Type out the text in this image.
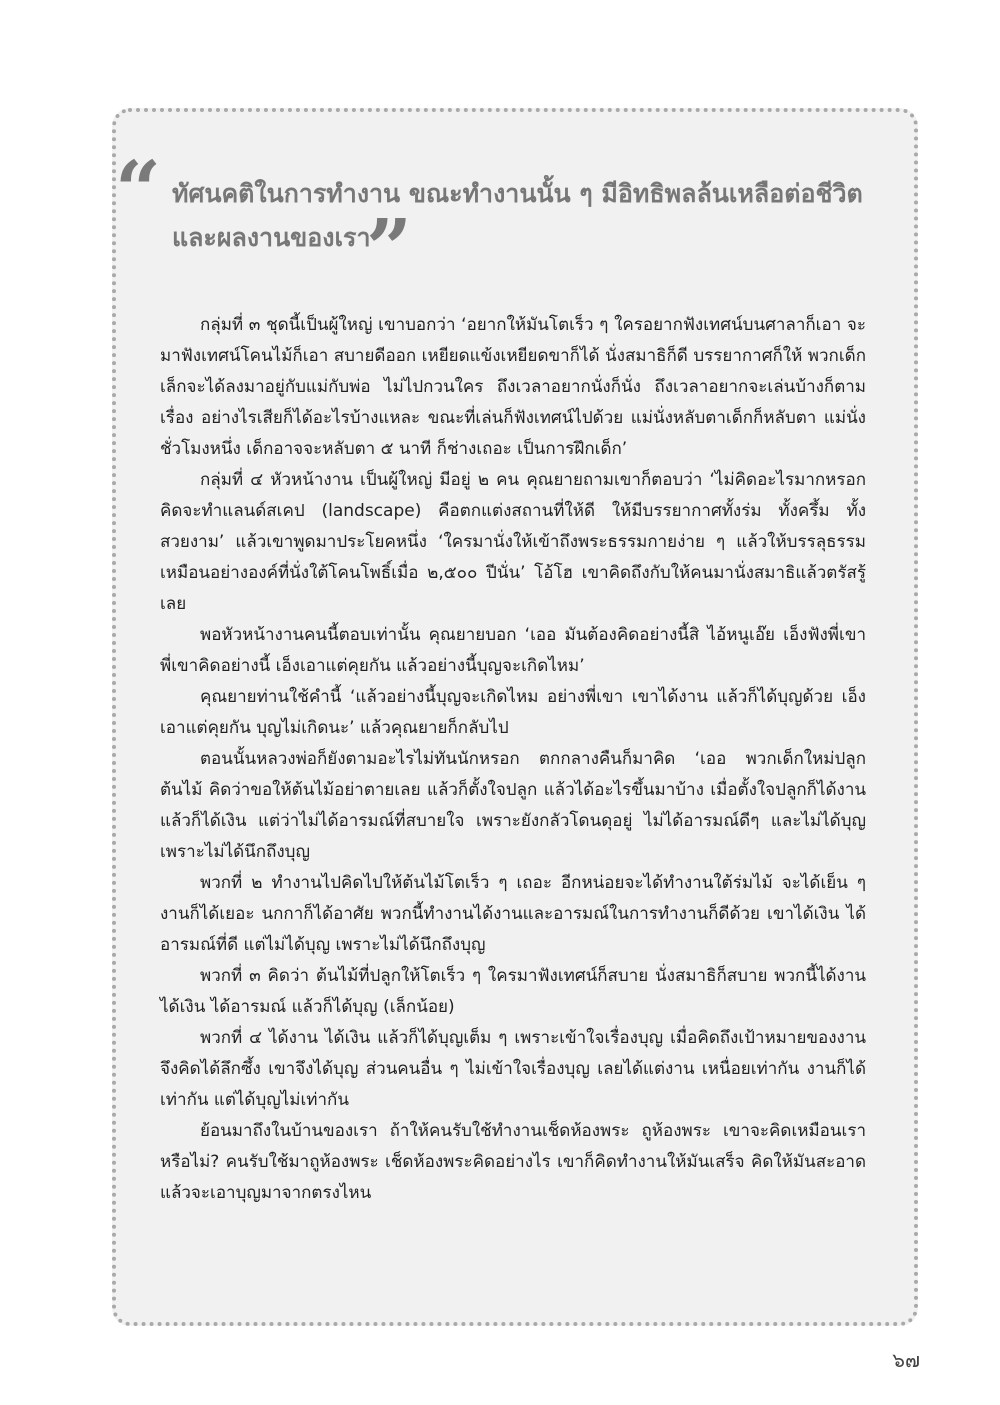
“ ทัศนคติในการทำงาน ขณะทำงานนั้น ๆ มีอิทธิพลล้นเหลือต่อชีวิต และผลงานของเรา
”

กลุ่มที่ ๓ ชุดนี้เป็นผู้ใหญ่ เขาบอกว่า ‘อยากให้มันโตเร็ว ๆ ใครอยากฟังเทศน์บนศาลาก็เอา จะมาฟังเทศน์โคนไม้ก็เอา สบายดีออก เหยียดแข้งเหยียดขาก็ได้ นั่งสมาธิก็ดี บรรยากาศก็ให้ พวกเด็กเล็กจะได้ลงมาอยู่กับแม่กับพ่อ ไม่ไปกวนใคร ถึงเวลาอยากนั่งก็นั่ง ถึงเวลาอยากจะเล่นบ้างก็ตามเรื่อง อย่างไรเสียก็ได้อะไรบ้างแหละ ขณะที่เล่นก็ฟังเทศน์ไปด้วย แม่นั่งหลับตาเด็กก็หลับตา แม่นั่งชั่วโมงหนึ่ง เด็กอาจจะหลับตา ๕ นาที ก็ช่างเถอะ เป็นการฝึกเด็ก’

กลุ่มที่ ๔ หัวหน้างาน เป็นผู้ใหญ่ มีอยู่ ๒ คน คุณยายถามเขาก็ตอบว่า ‘ไม่คิดอะไรมากหรอก คิดจะทำแลนด์สเคป (landscape) คือตกแต่งสถานที่ให้ดี ให้มีบรรยากาศทั้งร่ม ทั้งครึ้ม ทั้งสวยงาม’ แล้วเขาพูดมาประโยคหนึ่ง ‘ใครมานั่งให้เข้าถึงพระธรรมกายง่าย ๆ แล้วให้บรรลุธรรมเหมือนอย่างองค์ที่นั่งใต้โคนโพธิ์เมื่อ ๒,๕๐๐ ปีนั่น’ โอ้โฮ เขาคิดถึงกับให้คนมานั่งสมาธิแล้วตรัสรู้เลย

พอหัวหน้างานคนนี้ตอบเท่านั้น คุณยายบอก ‘เออ มันต้องคิดอย่างนี้สิ ไอ้หนูเอ๊ย เอ็งฟังพี่เขา พี่เขาคิดอย่างนี้ เอ็งเอาแต่คุยกัน แล้วอย่างนี้บุญจะเกิดไหม’

คุณยายท่านใช้คำนี้ ‘แล้วอย่างนี้บุญจะเกิดไหม อย่างพี่เขา เขาได้งาน แล้วก็ได้บุญด้วย เอ็งเอาแต่คุยกัน บุญไม่เกิดนะ’ แล้วคุณยายก็กลับไป

ตอนนั้นหลวงพ่อก็ยังตามอะไรไม่ทันนักหรอก ตกกลางคืนก็มาคิด ‘เออ พวกเด็กใหม่ปลูกต้นไม้ คิดว่าขอให้ต้นไม้อย่าตายเลย แล้วก็ตั้งใจปลูก แล้วได้อะไรขึ้นมาบ้าง เมื่อตั้งใจปลูกก็ได้งาน แล้วก็ได้เงิน แต่ว่าไม่ได้อารมณ์ที่สบายใจ เพราะยังกลัวโดนดุอยู่ ไม่ได้อารมณ์ดีๆ และไม่ได้บุญ เพราะไม่ได้นึกถึงบุญ

พวกที่ ๒ ทำงานไปคิดไปให้ต้นไม้โตเร็ว ๆ เถอะ อีกหน่อยจะได้ทำงานใต้ร่มไม้ จะได้เย็น ๆ งานก็ได้เยอะ นกกาก็ได้อาศัย พวกนี้ทำงานได้งานและอารมณ์ในการทำงานก็ดีด้วย เขาได้เงิน ได้อารมณ์ที่ดี แต่ไม่ได้บุญ เพราะไม่ได้นึกถึงบุญ

พวกที่ ๓ คิดว่า ต้นไม้ที่ปลูกให้โตเร็ว ๆ ใครมาฟังเทศน์ก็สบาย นั่งสมาธิก็สบาย พวกนี้ได้งาน ได้เงิน ได้อารมณ์ แล้วก็ได้บุญ (เล็กน้อย)

พวกที่ ๔ ได้งาน ได้เงิน แล้วก็ได้บุญเต็ม ๆ เพราะเข้าใจเรื่องบุญ เมื่อคิดถึงเป้าหมายของงานจึงคิดได้ลึกซึ้ง เขาจึงได้บุญ ส่วนคนอื่น ๆ ไม่เข้าใจเรื่องบุญ เลยได้แต่งาน เหนื่อยเท่ากัน งานก็ได้เท่ากัน แต่ได้บุญไม่เท่ากัน

ย้อนมาถึงในบ้านของเรา ถ้าให้คนรับใช้ทำงานเช็ดห้องพระ ถูห้องพระ เขาจะคิดเหมือนเราหรือไม่? คนรับใช้มาถูห้องพระ เช็ดห้องพระคิดอย่างไร เขาก็คิดทำงานให้มันเสร็จ คิดให้มันสะอาด แล้วจะเอาบุญมาจากตรงไหน

๖๗
